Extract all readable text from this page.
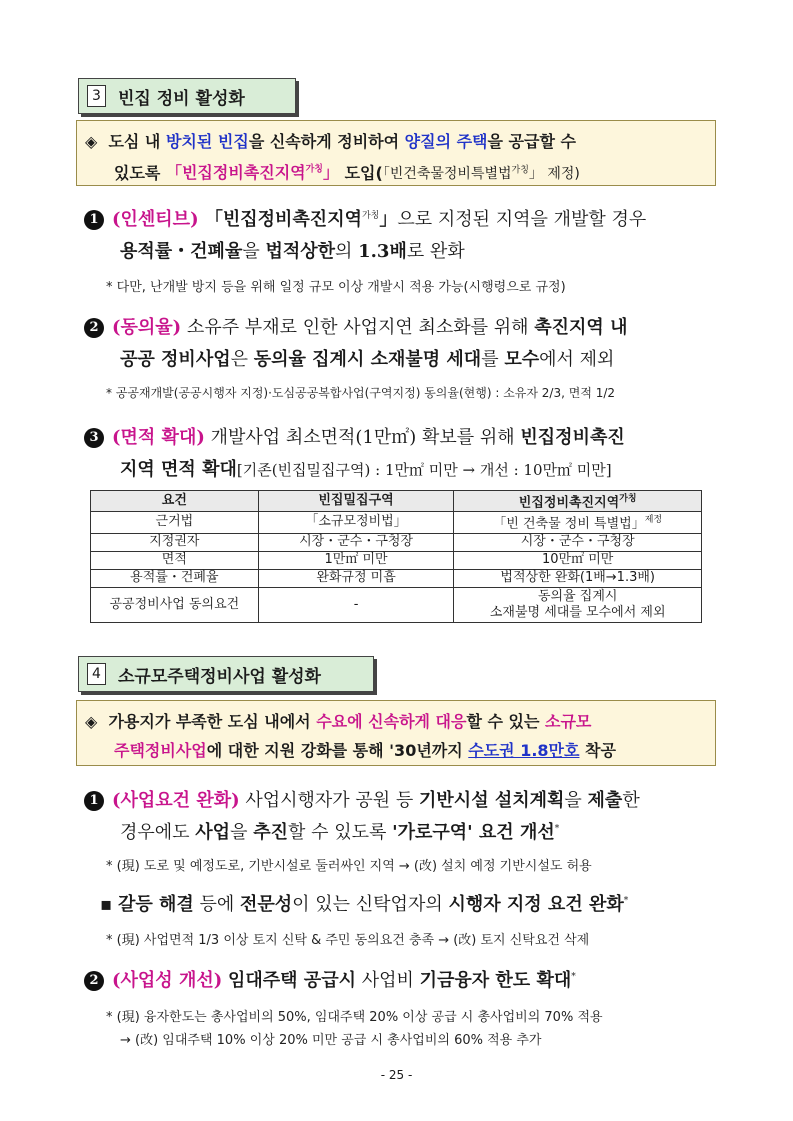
3 빈집 정비 활성화
◈ 도심 내 방치된 빈집을 신속하게 정비하여 양질의 주택을 공급할 수
있도록 「빈집정비촉진지역$^{가칭}$」 도입(「빈건축물정비특별법$^{가칭}$」 제정)
1 (인센티브) 「빈집정비촉진지역$^{가칭}$」으로 지정된 지역을 개발할 경우
용적률・건폐율을 법적상한의 1.3배로 완화
* 다만, 난개발 방지 등을 위해 일정 규모 이상 개발시 적용 가능(시행령으로 규정)
2 (동의율) 소유주 부재로 인한 사업지연 최소화를 위해 촉진지역 내
공공 정비사업은 동의율 집계시 소재불명 세대를 모수에서 제외
* 공공재개발(공공시행자 지정)·도심공공복합사업(구역지정) 동의율(현행) : 소유자 2/3, 면적 1/2
3 (면적 확대) 개발사업 최소면적(1만㎡) 확보를 위해 빈집정비촉진
지역 면적 확대[기존(빈집밀집구역) : 1만㎡ 미만 → 개선 : 10만㎡ 미만]
요건	빈집밀집구역	빈집정비촉진지역$^{가칭}$
근거법	「소규모정비법」	「빈 건축물 정비 특별법」$^{제정}$
지정권자	시장・군수・구청장	시장・군수・구청장
면적	1만㎡ 미만	10만㎡ 미만
용적률・건폐율	완화규정 미흡	법적상한 완화(1배→1.3배)
공공정비사업 동의요건	-	동의율 집계시
소재불명 세대를 모수에서 제외
4 소규모주택정비사업 활성화
◈ 가용지가 부족한 도심 내에서 수요에 신속하게 대응할 수 있는 소규모
주택정비사업에 대한 지원 강화를 통해 '30년까지 수도권 1.8만호 착공
1 (사업요건 완화) 사업시행자가 공원 등 기반시설 설치계획을 제출한
경우에도 사업을 추진할 수 있도록 '가로구역' 요건 개선*
* (現) 도로 및 예정도로, 기반시설로 둘러싸인 지역 → (改) 설치 예정 기반시설도 허용
▪ 갈등 해결 등에 전문성이 있는 신탁업자의 시행자 지정 요건 완화*
* (現) 사업면적 1/3 이상 토지 신탁 & 주민 동의요건 충족 → (改) 토지 신탁요건 삭제
2 (사업성 개선) 임대주택 공급시 사업비 기금융자 한도 확대*
* (現) 융자한도는 총사업비의 50%, 임대주택 20% 이상 공급 시 총사업비의 70% 적용
→ (改) 임대주택 10% 이상 20% 미만 공급 시 총사업비의 60% 적용 추가
- 25 -
